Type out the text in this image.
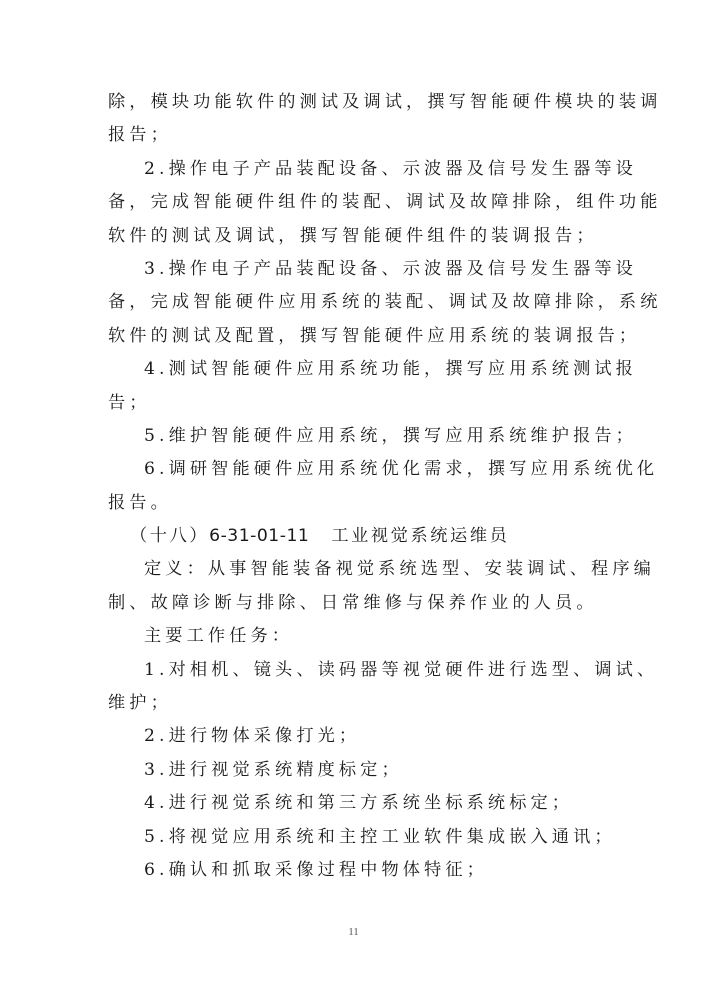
除，模块功能软件的测试及调试，撰写智能硬件模块的装调
报告；
2.操作电子产品装配设备、示波器及信号发生器等设
备，完成智能硬件组件的装配、调试及故障排除，组件功能
软件的测试及调试，撰写智能硬件组件的装调报告；
3.操作电子产品装配设备、示波器及信号发生器等设
备，完成智能硬件应用系统的装配、调试及故障排除，系统
软件的测试及配置，撰写智能硬件应用系统的装调报告；
4.测试智能硬件应用系统功能，撰写应用系统测试报
告；
5.维护智能硬件应用系统，撰写应用系统维护报告；
6.调研智能硬件应用系统优化需求，撰写应用系统优化
报告。
（十八）6-31-01-11 工业视觉系统运维员
定义：从事智能装备视觉系统选型、安装调试、程序编
制、故障诊断与排除、日常维修与保养作业的人员。
主要工作任务：
1.对相机、镜头、读码器等视觉硬件进行选型、调试、
维护；
2.进行物体采像打光；
3.进行视觉系统精度标定；
4.进行视觉系统和第三方系统坐标系统标定；
5.将视觉应用系统和主控工业软件集成嵌入通讯；
6.确认和抓取采像过程中物体特征；
11
